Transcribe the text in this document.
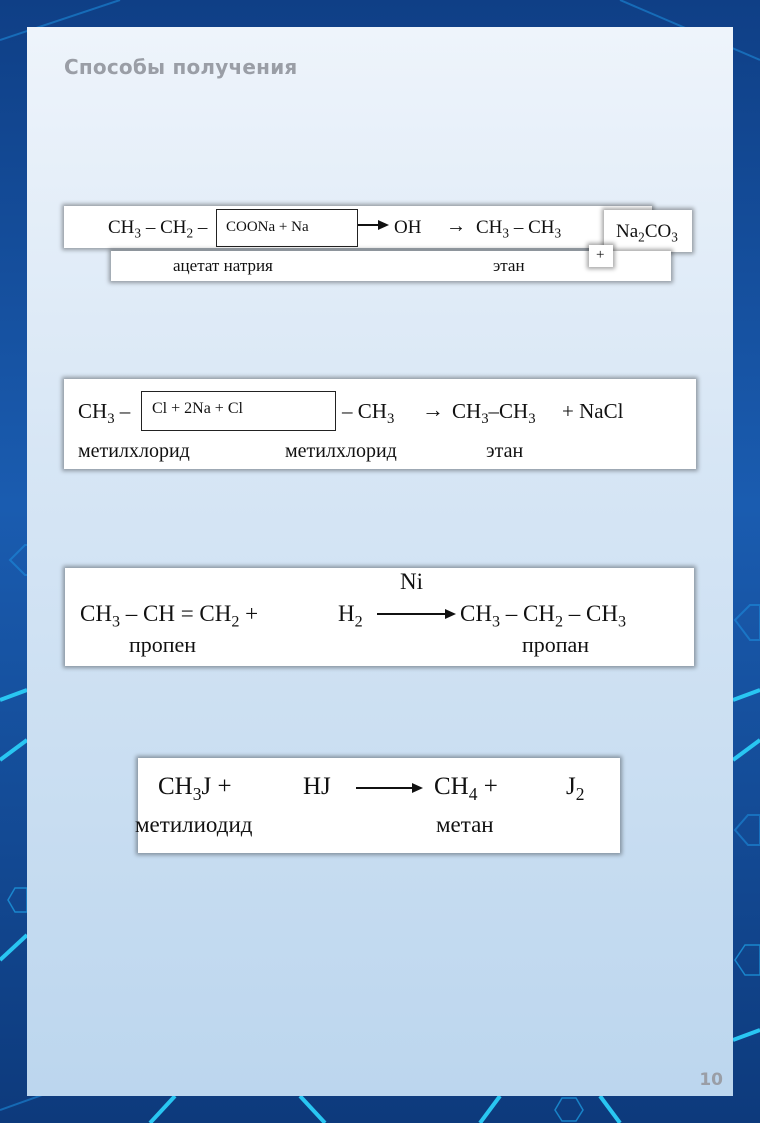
Способы получения
$CH_3 - CH_2$ – COONa + Na	OH → $CH_3 - CH_3$	$Na_2CO_3$
ацетат натрия	этан
+
$CH_3 - Cl + 2Na + Cl$	– $CH_3 \to CH_3-CH_3$ + NaCl
метилхлорид	метилхлорид	этан
Ni
$CH_3$ – CH = $CH_2$ +	$H_2$	$CH_3 - CH_2 - CH_3$
пропен	пропан
$CH_3J$ +	HJ	$CH_4$ +	$J_2$
метилиодид	метан
10
